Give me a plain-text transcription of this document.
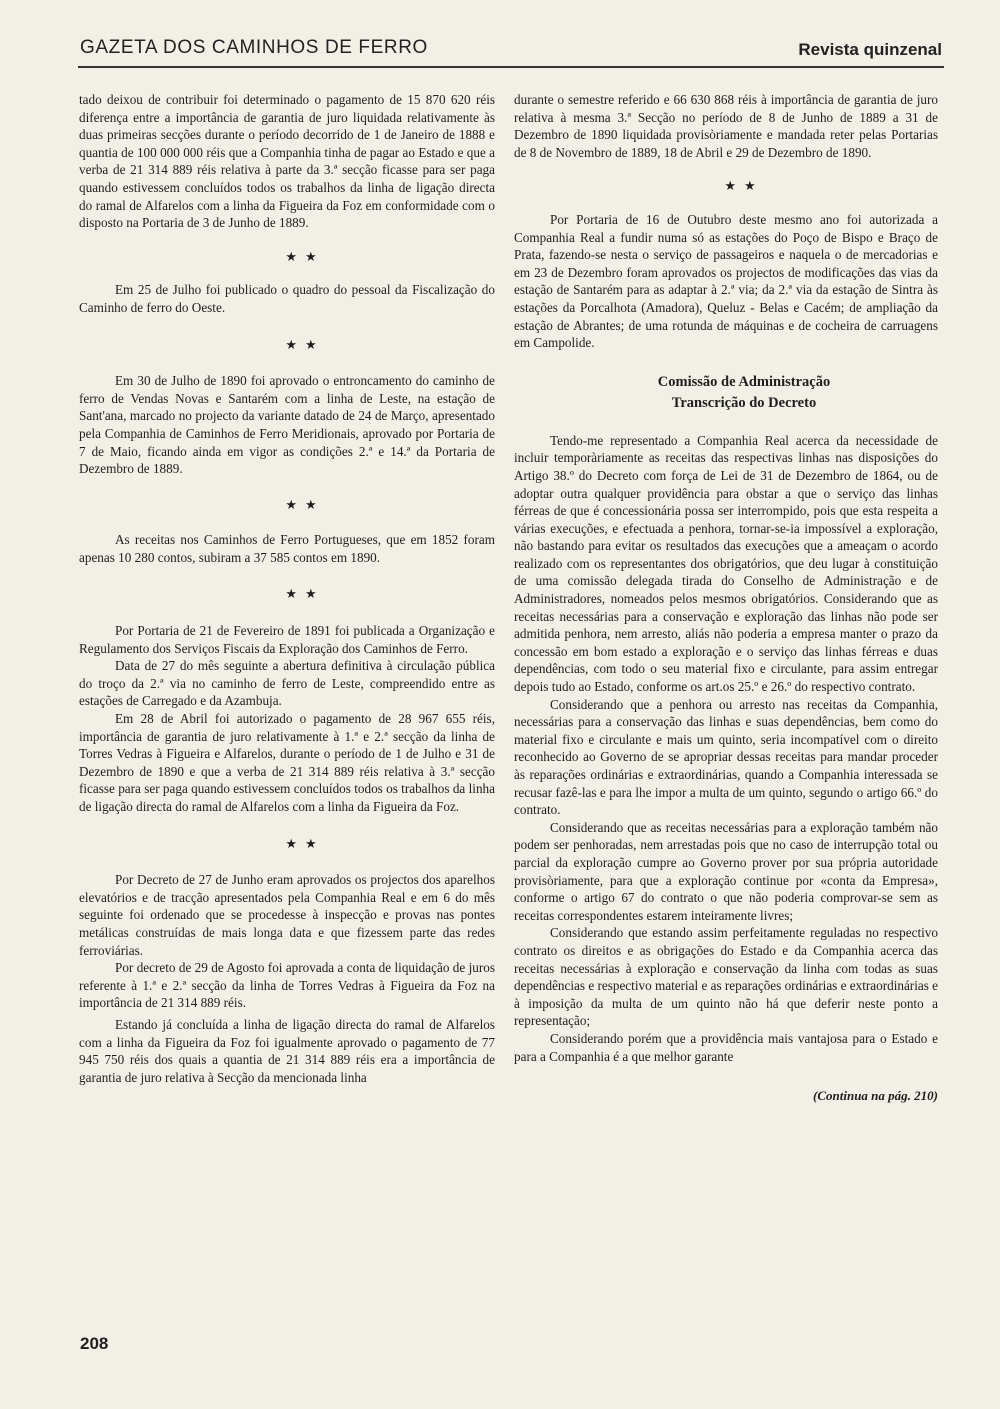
GAZETA DOS CAMINHOS DE FERRO	Revista quinzenal

tado deixou de contribuir foi determinado o pagamento de 15 870 620 réis diferença entre a importância de garantia de juro liquidada relativamente às duas primeiras secções durante o período decorrido de 1 de Janeiro de 1888 e quantia de 100 000 000 réis que a Companhia tinha de pagar ao Estado e que a verba de 21 314 889 réis relativa à parte da 3.ª secção ficasse para ser paga quando estivessem concluídos todos os trabalhos da linha de ligação directa do ramal de Alfarelos com a linha da Figueira da Foz em conformidade com o disposto na Portaria de 3 de Junho de 1889.

★★

Em 25 de Julho foi publicado o quadro do pessoal da Fiscalização do Caminho de ferro do Oeste.

★★

Em 30 de Julho de 1890 foi aprovado o entroncamento do caminho de ferro de Vendas Novas e Santarém com a linha de Leste, na estação de Sant'ana, marcado no projecto da variante datado de 24 de Março, apresentado pela Companhia de Caminhos de Ferro Meridionais, aprovado por Portaria de 7 de Maio, ficando ainda em vigor as condições 2.ª e 14.ª da Portaria de Dezembro de 1889.

★★

As receitas nos Caminhos de Ferro Portugueses, que em 1852 foram apenas 10 280 contos, subiram a 37 585 contos em 1890.

★★

Por Portaria de 21 de Fevereiro de 1891 foi publicada a Organização e Regulamento dos Serviços Fiscais da Exploração dos Caminhos de Ferro.

Data de 27 do mês seguinte a abertura definitiva à circulação pública do troço da 2.ª via no caminho de ferro de Leste, compreendido entre as estações de Carregado e da Azambuja.

Em 28 de Abril foi autorizado o pagamento de 28 967 655 réis, importância de garantia de juro relativamente à 1.ª e 2.ª secção da linha de Torres Vedras à Figueira e Alfarelos, durante o período de 1 de Julho e 31 de Dezembro de 1890 e que a verba de 21 314 889 réis relativa à 3.ª secção ficasse para ser paga quando estivessem concluídos todos os trabalhos da linha de ligação directa do ramal de Alfarelos com a linha da Figueira da Foz.

★★

Por Decreto de 27 de Junho eram aprovados os projectos dos aparelhos elevatórios e de tracção apresentados pela Companhia Real e em 6 do mês seguinte foi ordenado que se procedesse à inspecção e provas nas pontes metálicas construídas de mais longa data e que fizessem parte das redes ferroviárias.

Por decreto de 29 de Agosto foi aprovada a conta de liquidação de juros referente à 1.ª e 2.ª secção da linha de Torres Vedras à Figueira da Foz na importância de 21 314 889 réis.

Estando já concluída a linha de ligação directa do ramal de Alfarelos com a linha da Figueira da Foz foi igualmente aprovado o pagamento de 77 945 750 réis dos quais a quantia de 21 314 889 réis era a importância de garantia de juro relativa à Secção da mencionada linha

durante o semestre referido e 66 630 868 réis à importância de garantia de juro relativa à mesma 3.ª Secção no período de 8 de Junho de 1889 a 31 de Dezembro de 1890 liquidada provisòriamente e mandada reter pelas Portarias de 8 de Novembro de 1889, 18 de Abril e 29 de Dezembro de 1890.

★★

Por Portaria de 16 de Outubro deste mesmo ano foi autorizada a Companhia Real a fundir numa só as estações do Poço de Bispo e Braço de Prata, fazendo-se nesta o serviço de passageiros e naquela o de mercadorias e em 23 de Dezembro foram aprovados os projectos de modificações das vias da estação de Santarém para as adaptar à 2.ª via; da 2.ª via da estação de Sintra às estações da Porcalhota (Amadora), Queluz - Belas e Cacém; de ampliação da estação de Abrantes; de uma rotunda de máquinas e de cocheira de carruagens em Campolide.

Comissão de Administração

Transcrição do Decreto

Tendo-me representado a Companhia Real acerca da necessidade de incluir temporàriamente as receitas das respectivas linhas nas disposições do Artigo 38.º do Decreto com força de Lei de 31 de Dezembro de 1864, ou de adoptar outra qualquer providência para obstar a que o serviço das linhas férreas de que é concessionária possa ser interrompido, pois que esta respeita a várias execuções, e efectuada a penhora, tornar-se-ia impossível a exploração, não bastando para evitar os resultados das execuções que a ameaçam o acordo realizado com os representantes dos obrigatórios, que deu lugar à constituição de uma comissão delegada tirada do Conselho de Administração e de Administradores, nomeados pelos mesmos obrigatórios. Considerando que as receitas necessárias para a conservação e exploração das linhas não pode ser admitida penhora, nem arresto, aliás não poderia a empresa manter o prazo da concessão em bom estado a exploração e o serviço das linhas férreas e duas dependências, com todo o seu material fixo e circulante, para assim entregar depois tudo ao Estado, conforme os art.os 25.º e 26.º do respectivo contrato.

Considerando que a penhora ou arresto nas receitas da Companhia, necessárias para a conservação das linhas e suas dependências, bem como do material fixo e circulante e mais um quinto, seria incompatível com o direito reconhecido ao Governo de se apropriar dessas receitas para mandar proceder às reparações ordinárias e extraordinárias, quando a Companhia interessada se recusar fazê-las e para lhe impor a multa de um quinto, segundo o artigo 66.º do contrato.

Considerando que as receitas necessárias para a exploração também não podem ser penhoradas, nem arrestadas pois que no caso de interrupção total ou parcial da exploração cumpre ao Governo prover por sua própria autoridade provisòriamente, para que a exploração continue por «conta da Empresa», conforme o artigo 67 do contrato o que não poderia comprovar-se sem as receitas correspondentes estarem inteiramente livres;

Considerando que estando assim perfeitamente reguladas no respectivo contrato os direitos e as obrigações do Estado e da Companhia acerca das receitas necessárias à exploração e conservação da linha com todas as suas dependências e respectivo material e as reparações ordinárias e extraordinárias e à imposição da multa de um quinto não há que deferir neste ponto a representação;

Considerando porém que a providência mais vantajosa para o Estado e para a Companhia é a que melhor garante

(Continua na pág. 210)

208
